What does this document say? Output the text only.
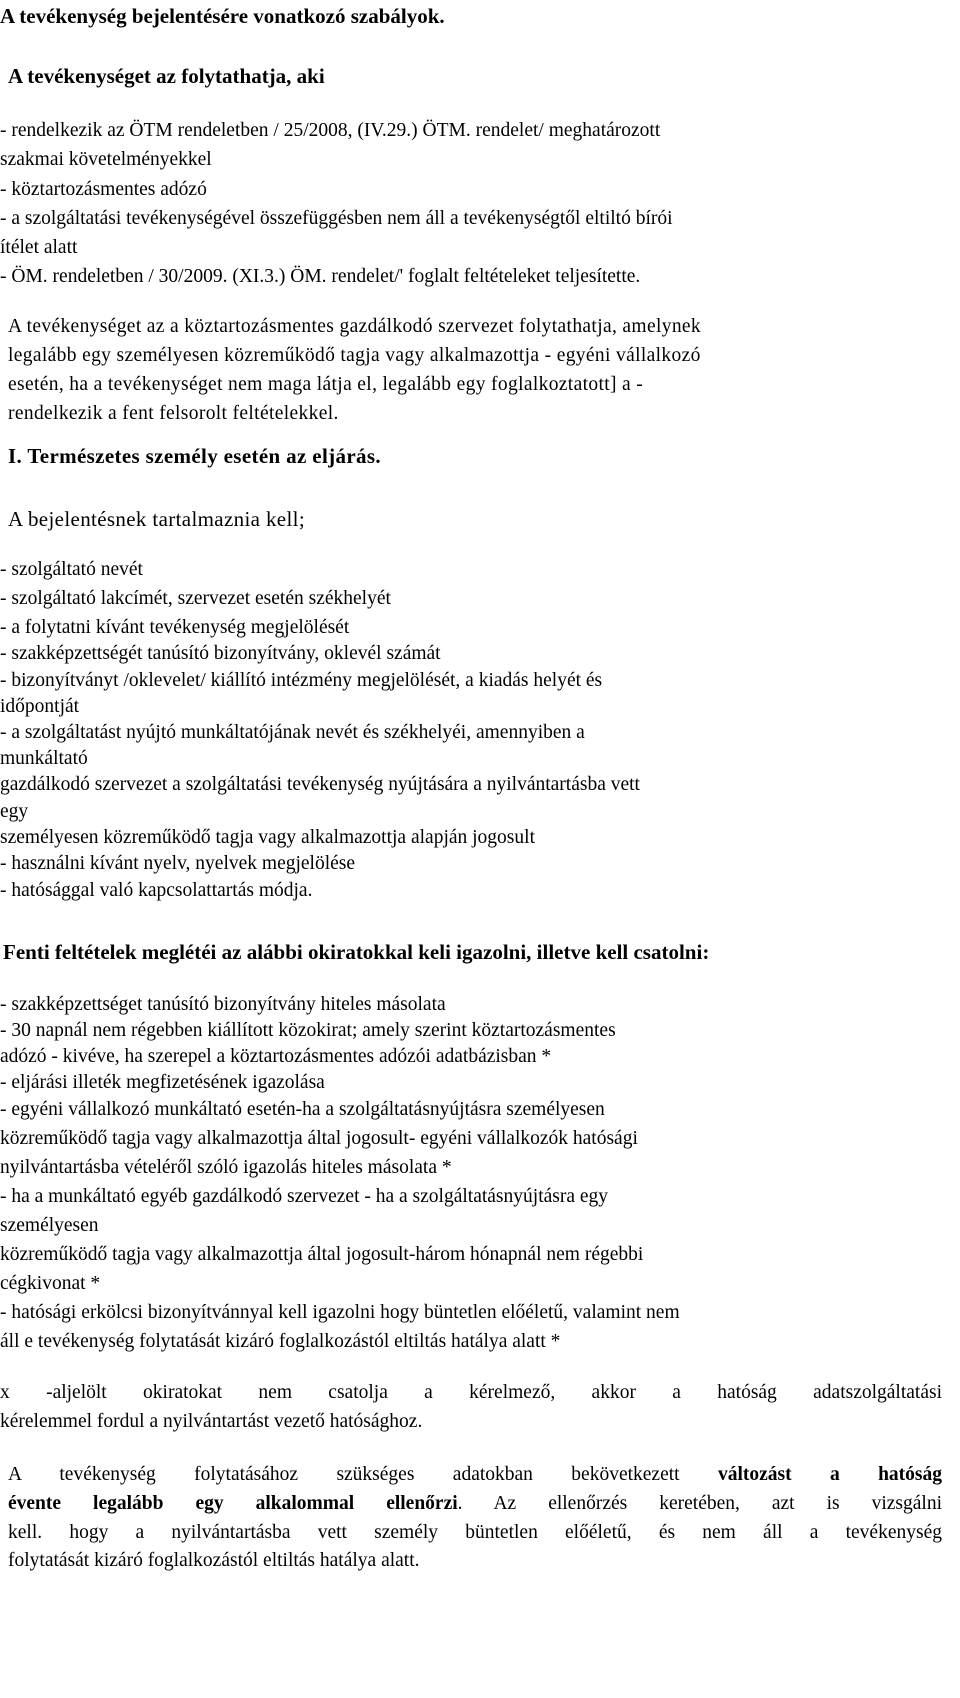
A tevékenység bejelentésére vonatkozó szabályok.
A tevékenységet az folytathatja, aki
- rendelkezik az ÖTM rendeletben / 25/2008, (IV.29.) ÖTM. rendelet/ meghatározott
szakmai követelményekkel
- köztartozásmentes adózó
- a szolgáltatási tevékenységével összefüggésben nem áll a tevékenységtől eltiltó bírói
ítélet alatt
- ÖM. rendeletben / 30/2009. (XI.3.) ÖM. rendelet/' foglalt feltételeket teljesítette.
A tevékenységet az a köztartozásmentes gazdálkodó szervezet folytathatja, amelynek
legalább egy személyesen közreműködő tagja vagy alkalmazottja - egyéni vállalkozó
esetén, ha a tevékenységet nem maga látja el, legalább egy foglalkoztatott] a -
rendelkezik a fent felsorolt feltételekkel.
I. Természetes személy esetén az eljárás.
A bejelentésnek tartalmaznia kell;
- szolgáltató nevét
- szolgáltató lakcímét, szervezet esetén székhelyét
- a folytatni kívánt tevékenység megjelölését
- szakképzettségét tanúsító bizonyítvány, oklevél számát
- bizonyítványt /oklevelet/ kiállító intézmény megjelölését, a kiadás helyét és
időpontját
- a szolgáltatást nyújtó munkáltatójának nevét és székhelyéi, amennyiben a
munkáltató
gazdálkodó szervezet a szolgáltatási tevékenység nyújtására a nyilvántartásba vett
egy
személyesen közreműködő tagja vagy alkalmazottja alapján jogosult
- használni kívánt nyelv, nyelvek megjelölése
- hatósággal való kapcsolattartás módja.
Fenti feltételek meglétéi az alábbi okiratokkal keli igazolni, illetve kell csatolni:
- szakképzettséget tanúsító bizonyítvány hiteles másolata
- 30 napnál nem régebben kiállított közokirat; amely szerint köztartozásmentes
adózó - kivéve, ha szerepel a köztartozásmentes adózói adatbázisban *
- eljárási illeték megfizetésének igazolása
- egyéni vállalkozó munkáltató esetén-ha a szolgáltatásnyújtásra személyesen
közreműködő tagja vagy alkalmazottja által jogosult- egyéni vállalkozók hatósági
nyilvántartásba vételéről szóló igazolás hiteles másolata *
- ha a munkáltató egyéb gazdálkodó szervezet - ha a szolgáltatásnyújtásra egy
személyesen
közreműködő tagja vagy alkalmazottja által jogosult-három hónapnál nem régebbi
cégkivonat *
- hatósági erkölcsi bizonyítvánnyal kell igazolni hogy büntetlen előéletű, valamint nem
áll e tevékenység folytatását kizáró foglalkozástól eltiltás hatálya alatt *
x -aljelölt okiratokat nem csatolja a kérelmező, akkor a hatóság adatszolgáltatási
kérelemmel fordul a nyilvántartást vezető hatósághoz.
A tevékenység folytatásához szükséges adatokban bekövetkezett változást a hatóság
évente legalább egy alkalommal ellenőrzi. Az ellenőrzés keretében, azt is vizsgálni
kell. hogy a nyilvántartásba vett személy büntetlen előéletű, és nem áll a tevékenység
folytatását kizáró foglalkozástól eltiltás hatálya alatt.
